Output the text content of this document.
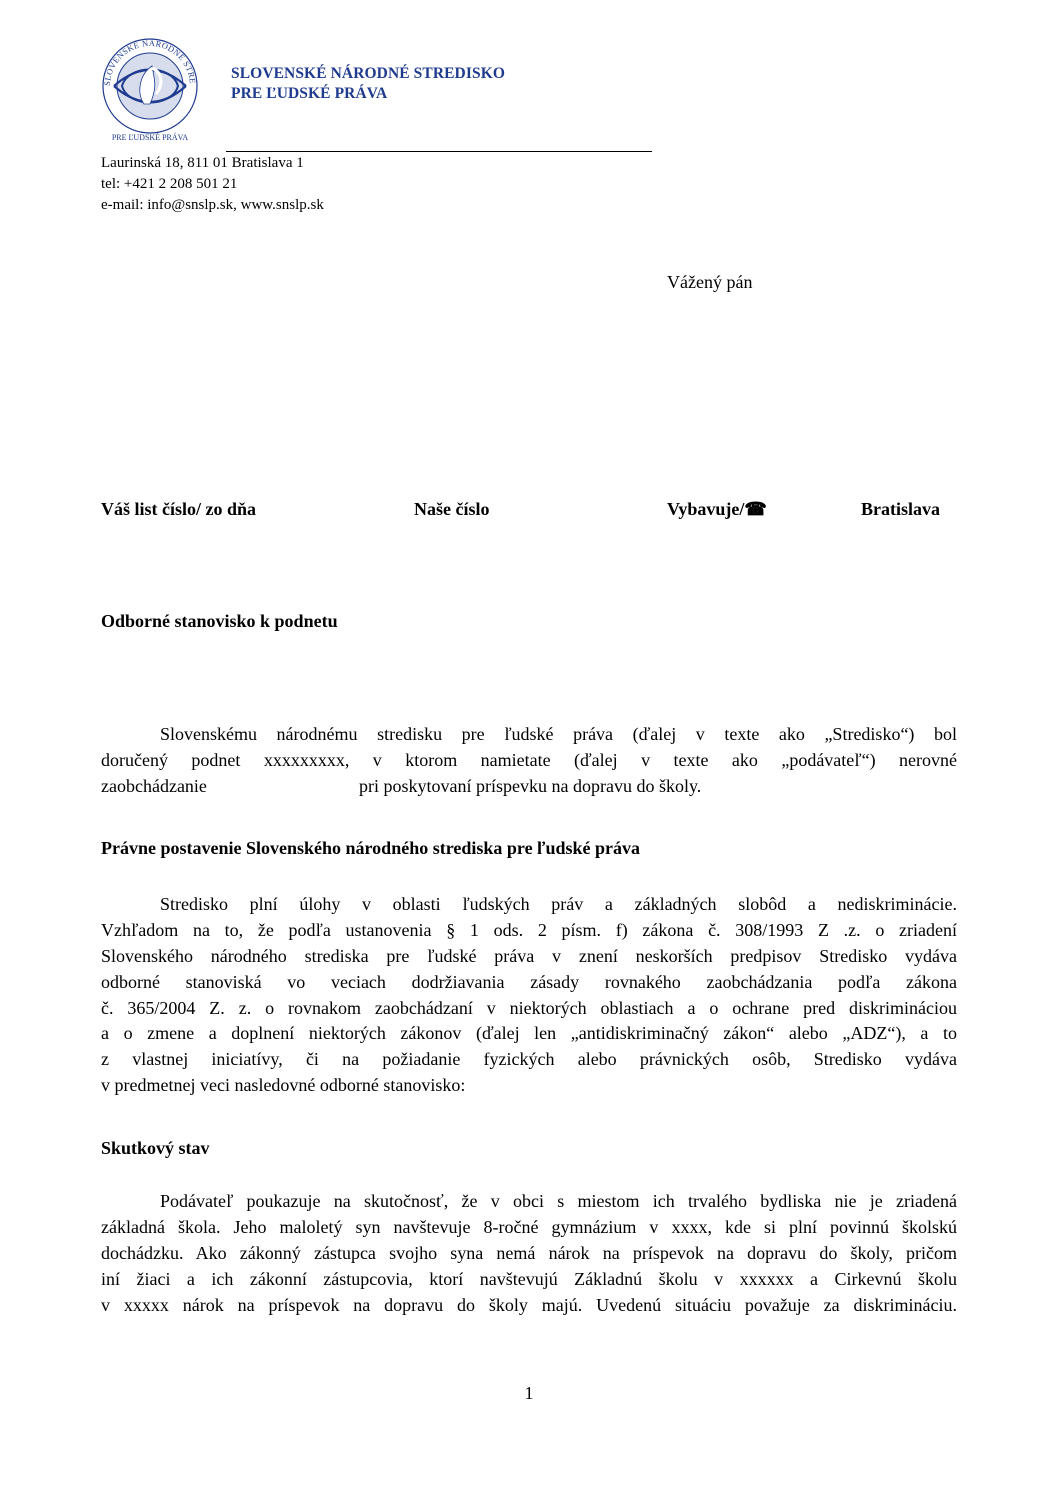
SLOVENSKÉ NÁRODNÉ STRE
PRE ĽUDSKÉ PRÁVA
SLOVENSKÉ NÁRODNÉ STREDISKO
PRE ĽUDSKÉ PRÁVA
Laurinská 18, 811 01 Bratislava 1
tel: +421 2 208 501 21
e-mail: info@snslp.sk, www.snslp.sk
Vážený pán
Váš list číslo/ zo dňa	Naše číslo	Vybavuje/☎	Bratislava
Odborné stanovisko k podnetu
Slovenskému národnému stredisku pre ľudské práva (ďalej v texte ako „Stredisko“) bol
doručený podnet xxxxxxxxx, v ktorom namietate (ďalej v texte ako „podávateľ“) nerovné
zaobchádzanie	pri poskytovaní príspevku na dopravu do školy.
Právne postavenie Slovenského národného strediska pre ľudské práva
Stredisko plní úlohy v oblasti ľudských práv a základných slobôd a nediskriminácie.
Vzhľadom na to, že podľa ustanovenia § 1 ods. 2 písm. f) zákona č. 308/1993 Z .z. o zriadení
Slovenského národného strediska pre ľudské práva v znení neskorších predpisov Stredisko vydáva
odborné stanoviská vo veciach dodržiavania zásady rovnakého zaobchádzania podľa zákona
č. 365/2004 Z. z. o rovnakom zaobchádzaní v niektorých oblastiach a o ochrane pred diskrimináciou
a o zmene a doplnení niektorých zákonov (ďalej len „antidiskriminačný zákon“ alebo „ADZ“), a to
z vlastnej iniciatívy, či na požiadanie fyzických alebo právnických osôb, Stredisko vydáva
v predmetnej veci nasledovné odborné stanovisko:
Skutkový stav
Podávateľ poukazuje na skutočnosť, že v obci s miestom ich trvalého bydliska nie je zriadená
základná škola. Jeho maloletý syn navštevuje 8-ročné gymnázium v xxxx, kde si plní povinnú školskú
dochádzku. Ako zákonný zástupca svojho syna nemá nárok na príspevok na dopravu do školy, pričom
iní žiaci a ich zákonní zástupcovia, ktorí navštevujú Základnú školu v xxxxxx a Cirkevnú školu
v xxxxx nárok na príspevok na dopravu do školy majú. Uvedenú situáciu považuje za diskrimináciu.
1
